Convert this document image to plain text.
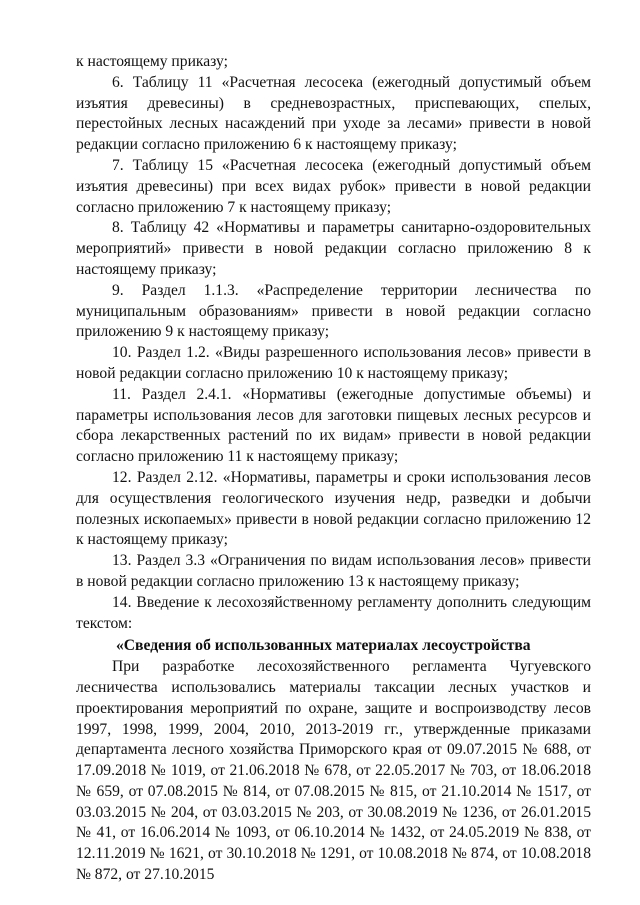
к настоящему приказу;

6. Таблицу 11 «Расчетная лесосека (ежегодный допустимый объем изъятия древесины) в средневозрастных, приспевающих, спелых, перестойных лесных насаждений при уходе за лесами» привести в новой редакции согласно приложению 6 к настоящему приказу;

7. Таблицу 15 «Расчетная лесосека (ежегодный допустимый объем изъятия древесины) при всех видах рубок» привести в новой редакции согласно приложению 7 к настоящему приказу;

8. Таблицу 42 «Нормативы и параметры санитарно-оздоровительных мероприятий» привести в новой редакции согласно приложению 8 к настоящему приказу;

9. Раздел 1.1.3. «Распределение территории лесничества по муниципальным образованиям» привести в новой редакции согласно приложению 9 к настоящему приказу;

10. Раздел 1.2. «Виды разрешенного использования лесов» привести в новой редакции согласно приложению 10 к настоящему приказу;

11. Раздел 2.4.1. «Нормативы (ежегодные допустимые объемы) и параметры использования лесов для заготовки пищевых лесных ресурсов и сбора лекарственных растений по их видам» привести в новой редакции согласно приложению 11 к настоящему приказу;

12. Раздел 2.12. «Нормативы, параметры и сроки использования лесов для осуществления геологического изучения недр, разведки и добычи полезных ископаемых» привести в новой редакции согласно приложению 12 к настоящему приказу;

13. Раздел 3.3 «Ограничения по видам использования лесов» привести в новой редакции согласно приложению 13 к настоящему приказу;

14. Введение к лесохозяйственному регламенту дополнить следующим текстом:

«Сведения об использованных материалах лесоустройства

При разработке лесохозяйственного регламента Чугуевского лесничества использовались материалы таксации лесных участков и проектирования мероприятий по охране, защите и воспроизводству лесов 1997, 1998, 1999, 2004, 2010, 2013-2019 гг., утвержденные приказами департамента лесного хозяйства Приморского края от 09.07.2015 № 688, от 17.09.2018 № 1019, от 21.06.2018 № 678, от 22.05.2017 № 703, от 18.06.2018 № 659, от 07.08.2015 № 814, от 07.08.2015 № 815, от 21.10.2014 № 1517, от 03.03.2015 № 204, от 03.03.2015 № 203, от 30.08.2019 № 1236, от 26.01.2015 № 41, от 16.06.2014 № 1093, от 06.10.2014 № 1432, от 24.05.2019 № 838, от 12.11.2019 № 1621, от 30.10.2018 № 1291, от 10.08.2018 № 874, от 10.08.2018 № 872, от 27.10.2015
